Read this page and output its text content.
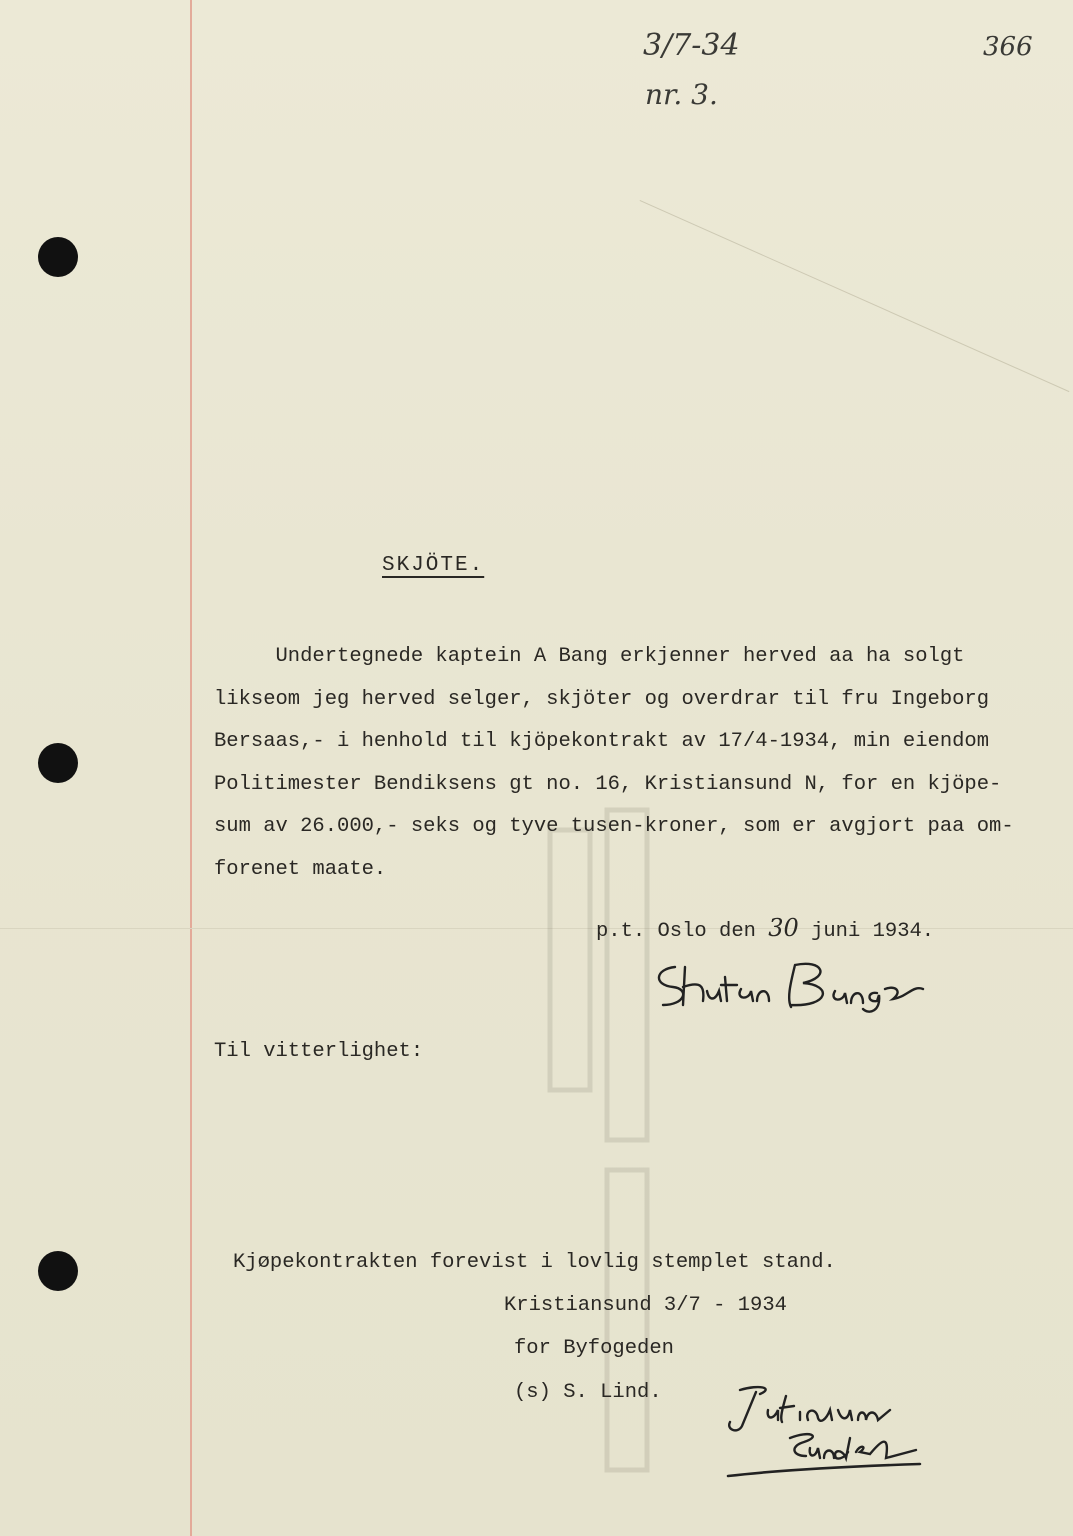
3/7-34
nr. 3.
366
SKJÖTE.
Undertegnede kaptein A Bang erkjenner herved aa ha solgt
likseom jeg herved selger, skjöter og overdrar til fru Ingeborg
Bersaas,- i henhold til kjöpekontrakt av 17/4-1934, min eiendom
Politimester Bendiksens gt no. 16, Kristiansund N, for en kjöpe-
sum av 26.000,- seks og tyve tusen-kroner, som er avgjort paa om-
forenet maate.
p.t. Oslo den 30 juni 1934.
Til vitterlighet:
Kjøpekontrakten forevist i lovlig stemplet stand.
Kristiansund 3/7 - 1934
for Byfogeden
(s) S. Lind.
